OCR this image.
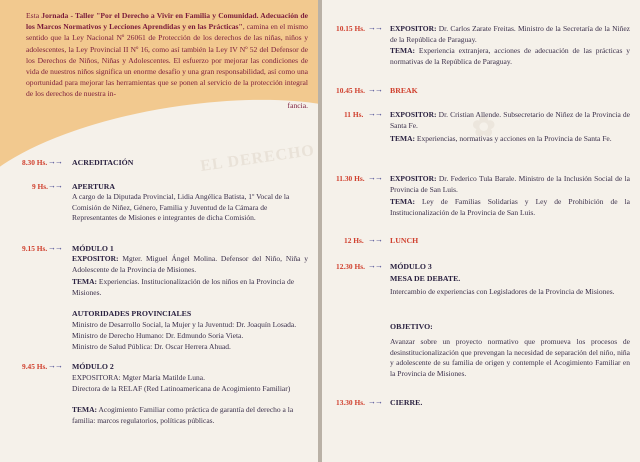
EL DERECHO
Esta Jornada - Taller "Por el Derecho a Vivir en Familia y Comunidad. Adecuación de los Marcos Normativos y Lecciones Aprendidas y en las Prácticas", camina en el mismo sentido que la Ley Nacional Nº 26061 de Protección de los derechos de las niñas, niños y adolescentes, la Ley Provincial II Nº 16, como así también la Ley IV Nº 52 del Defensor de los Derechos de Niños, Niñas y Adolescentes. El esfuerzo por mejorar las condiciones de vida de nuestros niños significa un enorme desafío y una gran responsabilidad, así como una oportunidad para mejorar las herramientas que se ponen al servicio de la protección integral de los derechos de nuestra in-
fancia.
8.30 Hs. →→ ACREDITACIÓN
9 Hs. →→ APERTURA
A cargo de la Diputada Provincial, Lidia Angélica Batista, 1º Vocal de la Comisión de Niñez, Género, Familia y Juventud de la Cámara de Representantes de Misiones e integrantes de dicha Comisión.
9.15 Hs. →→ MÓDULO 1
EXPOSITOR: Mgter. Miguel Ángel Molina. Defensor del Niño, Niña y Adolescente de la Provincia de Misiones.
TEMA: Experiencias. Institucionalización de los niños en la Provincia de Misiones.
AUTORIDADES PROVINCIALES
Ministro de Desarrollo Social, la Mujer y la Juventud: Dr. Joaquín Losada.
Ministro de Derecho Humano: Dr. Edmundo Soria Vieta.
Ministro de Salud Pública: Dr. Oscar Herrera Ahuad.
9.45 Hs. →→ MÓDULO 2
EXPOSITORA: Mgter María Matilde Luna.
Directora de la RELAF (Red Latinoamericana de Acogimiento Familiar)
TEMA: Acogimiento Familiar como práctica de garantía del derecho a la familia: marcos regulatorios, políticas públicas.
✿
10.15 Hs. →→ EXPOSITOR: Dr. Carlos Zarate Freitas. Ministro de la Secretaría de la Niñez de la República de Paraguay.
TEMA: Experiencia extranjera, acciones de adecuación de las prácticas y normativas de la República de Paraguay.
10.45 Hs. →→ BREAK
11 Hs. →→ EXPOSITOR: Dr. Cristian Allende. Subsecretario de Niñez de la Provincia de Santa Fe.
TEMA: Experiencias, normativas y acciones en la Provincia de Santa Fe.
11.30 Hs. →→ EXPOSITOR: Dr. Federico Tula Barale. Ministro de la Inclusión Social de la Provincia de San Luis.
TEMA: Ley de Familias Solidarias y Ley de Prohibición de la Institucionalización de la Provincia de San Luis.
12 Hs. →→ LUNCH
12.30 Hs. →→ MÓDULO 3
MESA DE DEBATE.
Intercambio de experiencias con Legisladores de la Provincia de Misiones.
OBJETIVO:
Avanzar sobre un proyecto normativo que promueva los procesos de desinstitucionalización que prevengan la necesidad de separación del niño, niña y adolescente de su familia de origen y contemple el Acogimiento Familiar en la Provincia de Misiones.
13.30 Hs. →→ CIERRE.
